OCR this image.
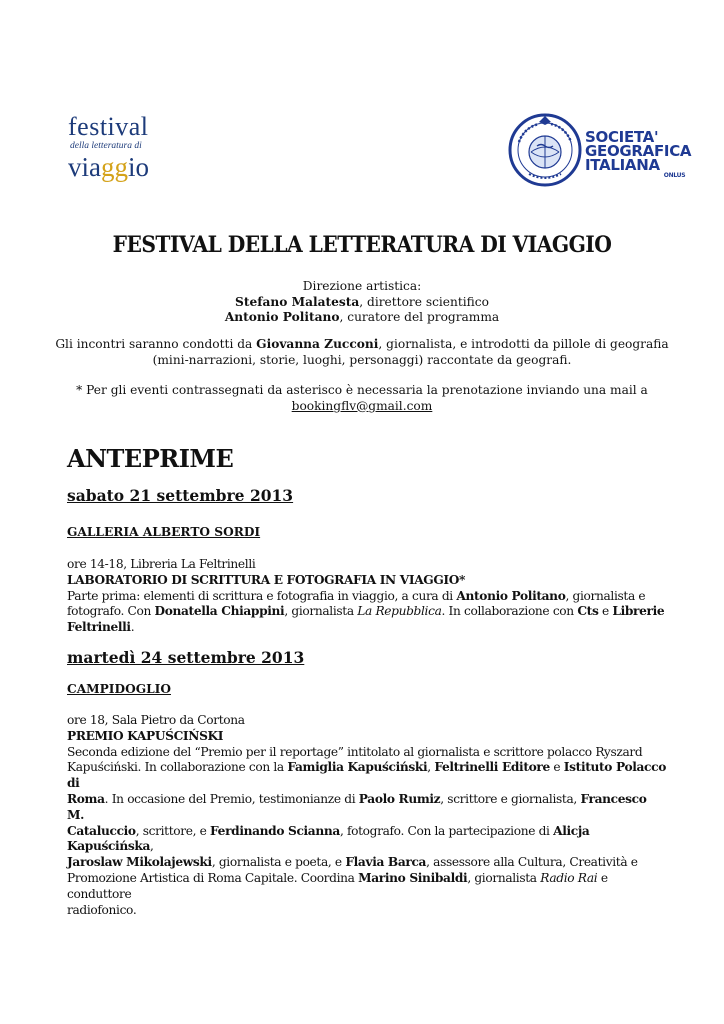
festival
della letteratura di
viaggio
SOCIETA'
GEOGRAFICA
ITALIANA
ONLUS
FESTIVAL DELLA LETTERATURA DI VIAGGIO
Direzione artistica:
Stefano Malatesta, direttore scientifico
Antonio Politano, curatore del programma
Gli incontri saranno condotti da Giovanna Zucconi, giornalista, e introdotti da pillole di geografia
(mini-narrazioni, storie, luoghi, personaggi) raccontate da geografi.
* Per gli eventi contrassegnati da asterisco è necessaria la prenotazione inviando una mail a
bookingflv@gmail.com
ANTEPRIME
sabato 21 settembre 2013
GALLERIA ALBERTO SORDI
ore 14-18, Libreria La Feltrinelli
LABORATORIO DI SCRITTURA E FOTOGRAFIA IN VIAGGIO*
Parte prima: elementi di scrittura e fotografia in viaggio, a cura di Antonio Politano, giornalista e
fotografo. Con Donatella Chiappini, giornalista La Repubblica. In collaborazione con Cts e Librerie
Feltrinelli.
martedì 24 settembre 2013
CAMPIDOGLIO
ore 18, Sala Pietro da Cortona
PREMIO KAPUŚCIŃSKI
Seconda edizione del “Premio per il reportage” intitolato al giornalista e scrittore polacco Ryszard
Kapuściński. In collaborazione con la Famiglia Kapuściński, Feltrinelli Editore e Istituto Polacco di
Roma. In occasione del Premio, testimonianze di Paolo Rumiz, scrittore e giornalista, Francesco M.
Cataluccio, scrittore, e Ferdinando Scianna, fotografo. Con la partecipazione di Alicja Kapuścińska,
Jaroslaw Mikolajewski, giornalista e poeta, e Flavia Barca, assessore alla Cultura, Creatività e
Promozione Artistica di Roma Capitale. Coordina Marino Sinibaldi, giornalista Radio Rai e conduttore
radiofonico.
